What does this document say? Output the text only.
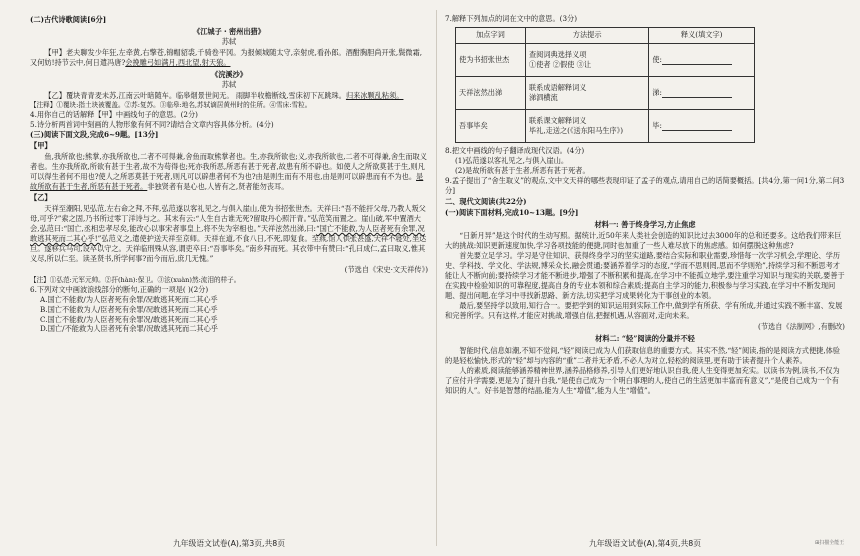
(二)古代诗歌阅读[6分]

《江城子・密州出猎》

苏轼

【甲】老夫聊发少年狂,左牵黄,右擎苍,锦帽貂裘,千骑卷平冈。为报倾城随太守,亲射虎,看孙郎。酒酣胸胆尚开张,鬓微霜,又何妨!持节云中,何日遣冯唐?会挽雕弓如满月,西北望,射天狼。

《浣溪沙》

苏轼

【乙】覆块青青麦未苏,江南云叶暗随车。临皋烟景世间无。 雨脚半收檐断线,雪床初下瓦跳珠。归来冰颗乱粘须。

【注释】①覆块:指土块被覆盖。②苏:复苏。③临皋:地名,苏轼谪居黄州时的住所。④雪床:雪粒。

4.用你自己的话解释【甲】中画线句子的意思。(2分)

5.诗分析两首词中刻画的人物形象有何不同?请结合文章内容具体分析。(4分)

(三)阅读下面文段,完成6~9题。[13分]

【甲】

鱼,我所欲也;熊掌,亦我所欲也,二者不可得兼,舍鱼而取熊掌者也。生,亦我所欲也;义,亦我所欲也,二者不可得兼,舍生而取义者也。生亦我所欲,所欲有甚于生者,故不为苟得也;死亦我所恶,所恶有甚于死者,故患有所不辟也。如使人之所欲莫甚于生,则凡可以得生者何不用也?使人之所恶莫甚于死者,则凡可以辟患者何不为也?由是则生而有不用也,由是则可以辟患而有不为也。是故所欲有甚于生者,所恶有甚于死者。非独贤者有是心也,人皆有之,贤者能勿丧耳。

【乙】

天祥至潮阳,见弘范,左右命之拜,不拜,弘范遂以客礼见之,与俱入崖山,使为书招张世杰。天祥曰:“吾不能扞父母,乃教人叛父母,可乎?”索之固,乃书所过零丁洋诗与之。其末有云:“人生自古谁无死?留取丹心照汗青。”弘范笑而置之。崖山破,军中置酒大会,弘范曰:“国亡,丞相忠孝尽矣,能改心以事宋者事皇上,将不失为宰相也。”天祥泫然出涕,曰:“国亡不能救,为人臣者死有余罪,况敢逃其死而二其心乎!”弘范义之,遣使护送天祥至京师。天祥在道,不食八日,不死,即复食。至燕,馆人供张甚盛,天祥不寝处,坐达旦。遂移兵马司,设卒以守之。天祥临刑殊从容,谓吏卒曰:“吾事毕矣。”南乡拜而死。其衣带中有赞曰:“孔曰成仁,孟曰取义,惟其义尽,所以仁至。读圣贤书,所学何事?而今而后,庶几无愧。”

(节选自《宋史·文天祥传》)

【注】①弘范:元军元帅。②扞(hàn):保卫。③泫(xuàn)然:流泪的样子。

6.下列对文中画波浪线部分的断句,正确的一项是( )(2分)

A.国亡不能救/为人臣者死有余罪/况敢逃其死而二其心乎

B.国亡不能救为人/臣者死有余罪/况敢逃其死而二其心乎

C.国亡不能救/为人臣者死有余罪况/敢逃其死而二其心乎

D.国亡/不能救为人臣者死有余罪/况敢逃其死而二其心乎

九年级语文试卷(A),第3页,共8页

7.解释下列加点的词在文中的意思。(3分)

加点字词	方法提示	释义(填文字)
使为书招张世杰	查阅词典选择义项
①使者 ②假使 ③让	使:
天祥泫然出涕	联系成语解释词义
涕泗横流	涕:
吾事毕矣	联系课文解释词义
毕礼,走送之(《送东阳马生序》)	毕:

8.把文中画线的句子翻译成现代汉语。(4分)

(1)弘范遂以客礼见之,与俱入崖山。

(2)是故所欲有甚于生者,所恶有甚于死者。

9.孟子提出了“舍生取义”的观点,文中文天祥的哪些表现印证了孟子的观点,请用自己的话简要概括。[共4分,第一问1分,第二问3分]

二、现代文阅读(共22分)

(一)阅读下面材料,完成10~13题。[9分]

材料一: 善于终身学习,方止焦虑

“日新月异”是这个时代的生动写照。据统计,近50年来人类社会创造的知识比过去3000年的总和还要多。这给我们带来巨大的挑战:知识更新速度加快,学习各项技能的便捷,同时也加重了一些人难尽放下的焦虑感。如何摆脱这种焦虑?

首先要立足学习。学习是守住知识、获得终身学习的坚实道路,要结合实际和职业需要,珍惜每一次学习机会,学理论、学历史、学科技、学文化、学法规,博采众长,融会贯通;要涵养着学习的态度,“学而不思则罔,思而不学则殆”,持续学习和不断思考才能让人不断向前;要持续学习才能不断进步,增强了不断积累和提高,在学习中不能孤立地学,要注重学习知识与现实的关联,要善于在实践中检验知识的可靠程度,提高自身的专业本领和综合素质;提高自主学习的能力,积极参与学习实践,在学习中不断发现问题、提出问题,在学习中寻找新思路、新方法,切实把学习成果转化为干事创业的本领。

最后,要坚持学以致用,知行合一。要把学到的知识运用到实际工作中,做到学有所获、学有所成,并通过实践不断丰富、发展和完善所学。只有这样,才能应对挑战,增强自信,把握机遇,从容面对,走向未来。

(节选自《法制网》,有删改)

材料二: “轻”阅读的分量并不轻

智能时代,信息如潮,不知不觉间,“轻”阅读已成为人们获取信息的重要方式。其实不然,“轻”阅读,指的是阅读方式便捷,体验的是轻松愉快,形式的“轻”却与内容的“重”二者并无矛盾,不必人为对立,轻松的阅读里,更有助于读者提升个人素养。

人的素质,阅读能够涵养精神世界,涵养品格修养,引导人们更好地认识自我,使人生变得更加充实。以读书为例,读书,不仅为了应付升学需要,更是为了提升自我,“是使自己成为一个明白事理的人,使自己的生活更加丰富而有意义”,“是使自己成为一个有知识的人”。好书是智慧的结晶,能为人生“增值”,能为人生“增值”。

九年级语文试卷(A),第4页,共8页	⊞扫描全能王
